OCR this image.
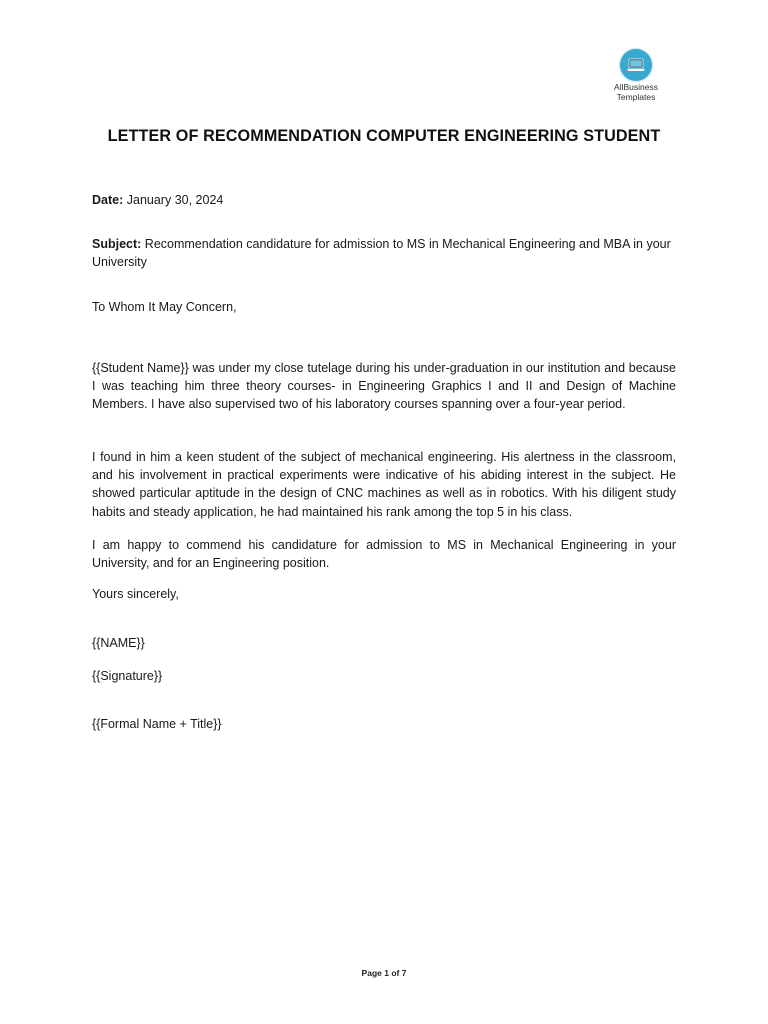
AllBusiness
Templates
LETTER OF RECOMMENDATION COMPUTER ENGINEERING STUDENT
Date: January 30, 2024
Subject: Recommendation candidature for admission to MS in Mechanical Engineering and MBA in your University
To Whom It May Concern,
{{Student Name}} was under my close tutelage during his under-graduation in our institution and because I was teaching him three theory courses- in Engineering Graphics I and II and Design of Machine Members. I have also supervised two of his laboratory courses spanning over a four-year period.
I found in him a keen student of the subject of mechanical engineering. His alertness in the classroom, and his involvement in practical experiments were indicative of his abiding interest in the subject. He showed particular aptitude in the design of CNC machines as well as in robotics. With his diligent study habits and steady application, he had maintained his rank among the top 5 in his class.
I am happy to commend his candidature for admission to MS in Mechanical Engineering in your University, and for an Engineering position.
Yours sincerely,
{{NAME}}
{{Signature}}
{{Formal Name + Title}}
Page 1 of 7
